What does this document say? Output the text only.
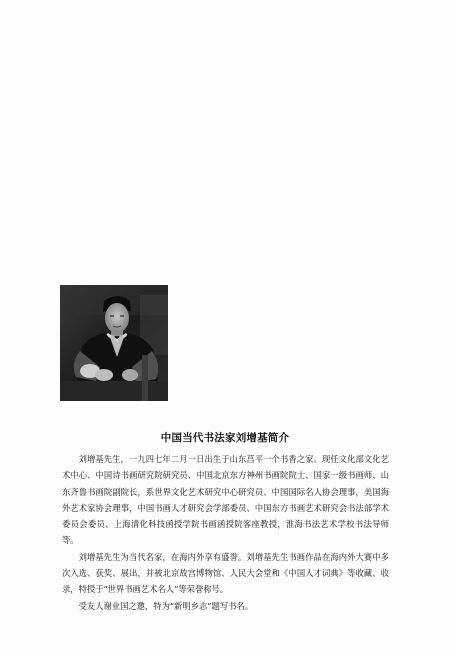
中国当代书法家刘增基简介

刘增基先生，一九四七年二月一日出生于山东莒平一个书香之家。现任文化部文化艺术中心、中国诗书画研究院研究员、中国北京东方神州书画院院士、国家一级书画师、山东齐鲁书画院副院长，系世界文化艺术研究中心研究员、中国国际名人协会理事，美国海外艺术家协会理事，中国书画人才研究会学部委员、中国东方书画艺术研究会书法部学术委员会委员、上海清化科技函授学院书画函授院客座教授，淮海书法艺术学校书法导师等。

刘增基先生为当代名家，在海内外享有盛誉。刘增基先生书画作品在海内外大赛中多次入选、获奖、展出，并被北京故宫博物馆、人民大会堂和《中国人才词典》等收藏、收录，特授于“世界书画艺术名人”等荣誉称号。

受友人谢业国之邀，特为“新明乡志”题写书名。
